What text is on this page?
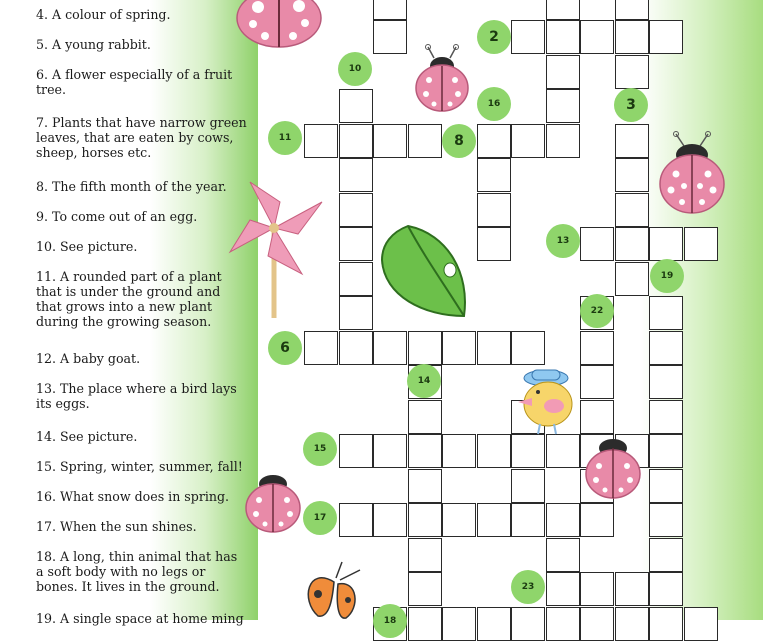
4. A colour of spring.

5. A young rabbit.

6. A flower especially of a fruit tree.

7. Plants that have narrow green leaves, that are eaten by cows, sheep, horses etc.

8. The fifth month of the year.

9. To come out of an egg.

10. See picture.

11. A rounded part of a plant that is under the ground and that grows into a new plant during the growing season.

12. A baby goat.

13. The place where a bird lays its eggs.

14. See picture.

15. Spring, winter, summer, fall!

16. What snow does in spring.

17. When the sun shines.

18. A long, thin animal that has a soft body with no legs or bones. It lives in the ground.

19. A single space at home ming

2
10
16	3
11	8
13
19
22
6
14
15
17
23
18
